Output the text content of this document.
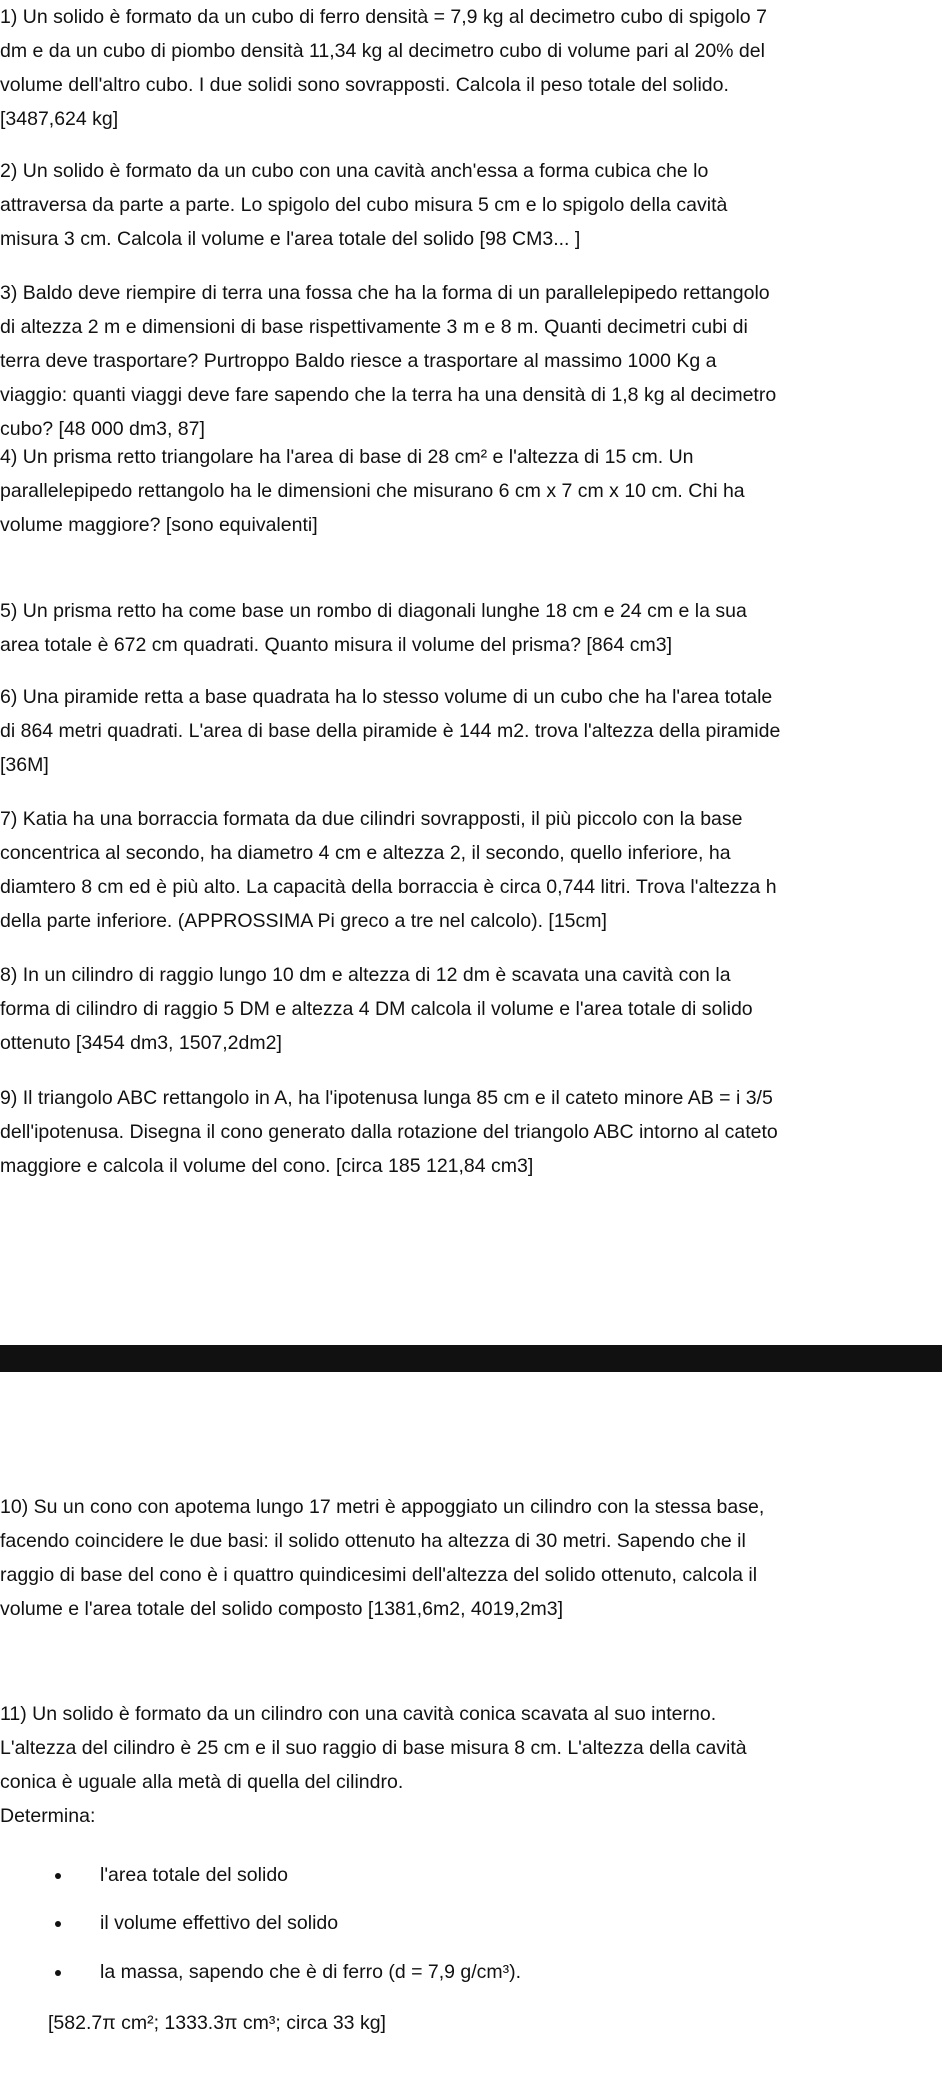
1) Un solido è formato da un cubo di ferro densità = 7,9 kg al decimetro cubo di spigolo 7
dm e da un cubo di piombo densità 11,34 kg al decimetro cubo di volume pari al 20% del
volume dell'altro cubo. I due solidi sono sovrapposti. Calcola il peso totale del solido.
[3487,624 kg]
2) Un solido è formato da un cubo con una cavità anch'essa a forma cubica che lo
attraversa da parte a parte. Lo spigolo del cubo misura 5 cm e lo spigolo della cavità
misura 3 cm. Calcola il volume e l'area totale del solido [98 CM3... ]
3) Baldo deve riempire di terra una fossa che ha la forma di un parallelepipedo rettangolo
di altezza 2 m e dimensioni di base rispettivamente 3 m e 8 m. Quanti decimetri cubi di
terra deve trasportare? Purtroppo Baldo riesce a trasportare al massimo 1000 Kg a
viaggio: quanti viaggi deve fare sapendo che la terra ha una densità di 1,8 kg al decimetro
cubo? [48 000 dm3, 87]
4) Un prisma retto triangolare ha l'area di base di 28 cm² e l'altezza di 15 cm. Un
parallelepipedo rettangolo ha le dimensioni che misurano 6 cm x 7 cm x 10 cm. Chi ha
volume maggiore? [sono equivalenti]
5) Un prisma retto ha come base un rombo di diagonali lunghe 18 cm e 24 cm e la sua
area totale è 672 cm quadrati. Quanto misura il volume del prisma? [864 cm3]
6) Una piramide retta a base quadrata ha lo stesso volume di un cubo che ha l'area totale
di 864 metri quadrati. L'area di base della piramide è 144 m2. trova l'altezza della piramide
[36M]
7) Katia ha una borraccia formata da due cilindri sovrapposti, il più piccolo con la base
concentrica al secondo, ha diametro 4 cm e altezza 2, il secondo, quello inferiore, ha
diamtero 8 cm ed è più alto. La capacità della borraccia è circa 0,744 litri. Trova l'altezza h
della parte inferiore. (APPROSSIMA Pi greco a tre nel calcolo). [15cm]
8) In un cilindro di raggio lungo 10 dm e altezza di 12 dm è scavata una cavità con la
forma di cilindro di raggio 5 DM e altezza 4 DM calcola il volume e l'area totale di solido
ottenuto [3454 dm3, 1507,2dm2]
9) Il triangolo ABC rettangolo in A, ha l'ipotenusa lunga 85 cm e il cateto minore AB = i 3/5
dell'ipotenusa. Disegna il cono generato dalla rotazione del triangolo ABC intorno al cateto
maggiore e calcola il volume del cono. [circa 185 121,84 cm3]
10) Su un cono con apotema lungo 17 metri è appoggiato un cilindro con la stessa base,
facendo coincidere le due basi: il solido ottenuto ha altezza di 30 metri. Sapendo che il
raggio di base del cono è i quattro quindicesimi dell'altezza del solido ottenuto, calcola il
volume e l'area totale del solido composto [1381,6m2, 4019,2m3]
11) Un solido è formato da un cilindro con una cavità conica scavata al suo interno.
L'altezza del cilindro è 25 cm e il suo raggio di base misura 8 cm. L'altezza della cavità
conica è uguale alla metà di quella del cilindro.
Determina:
l'area totale del solido
il volume effettivo del solido
la massa, sapendo che è di ferro (d = 7,9 g/cm³).
[582.7π cm²; 1333.3π cm³; circa 33 kg]
